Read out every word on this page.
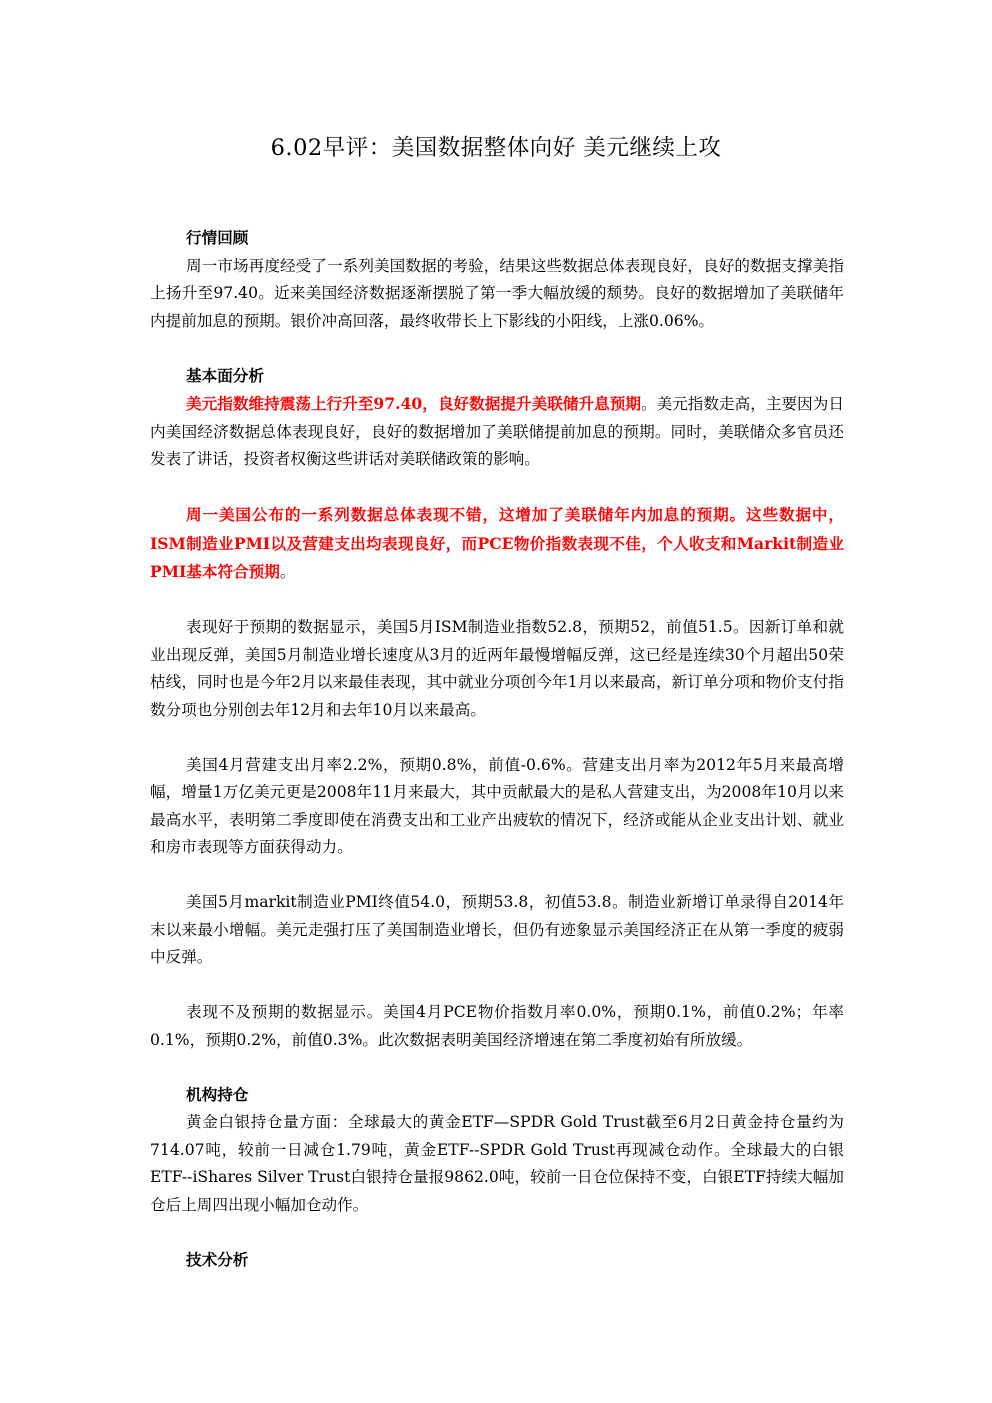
6.02早评：美国数据整体向好 美元继续上攻
行情回顾

周一市场再度经受了一系列美国数据的考验，结果这些数据总体表现良好，良好的数据支撑美指上扬升至97.40。近来美国经济数据逐渐摆脱了第一季大幅放缓的颓势。良好的数据增加了美联储年内提前加息的预期。银价冲高回落，最终收带长上下影线的小阳线，上涨0.06%。

基本面分析

美元指数维持震荡上行升至97.40，良好数据提升美联储升息预期。美元指数走高，主要因为日内美国经济数据总体表现良好，良好的数据增加了美联储提前加息的预期。同时，美联储众多官员还发表了讲话，投资者权衡这些讲话对美联储政策的影响。

周一美国公布的一系列数据总体表现不错，这增加了美联储年内加息的预期。这些数据中，ISM制造业PMI以及营建支出均表现良好，而PCE物价指数表现不佳，个人收支和Markit制造业PMI基本符合预期。

表现好于预期的数据显示，美国5月ISM制造业指数52.8，预期52，前值51.5。因新订单和就业出现反弹，美国5月制造业增长速度从3月的近两年最慢增幅反弹，这已经是连续30个月超出50荣枯线，同时也是今年2月以来最佳表现，其中就业分项创今年1月以来最高，新订单分项和物价支付指数分项也分别创去年12月和去年10月以来最高。

美国4月营建支出月率2.2%，预期0.8%，前值-0.6%。营建支出月率为2012年5月来最高增幅，增量1万亿美元更是2008年11月来最大，其中贡献最大的是私人营建支出，为2008年10月以来最高水平，表明第二季度即使在消费支出和工业产出疲软的情况下，经济或能从企业支出计划、就业和房市表现等方面获得动力。

美国5月markit制造业PMI终值54.0，预期53.8，初值53.8。制造业新增订单录得自2014年末以来最小增幅。美元走强打压了美国制造业增长，但仍有迹象显示美国经济正在从第一季度的疲弱中反弹。

表现不及预期的数据显示。美国4月PCE物价指数月率0.0%，预期0.1%，前值0.2%；年率0.1%，预期0.2%，前值0.3%。此次数据表明美国经济增速在第二季度初始有所放缓。

机构持仓

黄金白银持仓量方面：全球最大的黄金ETF—SPDR Gold Trust截至6月2日黄金持仓量约为714.07吨，较前一日减仓1.79吨，黄金ETF--SPDR Gold Trust再现减仓动作。全球最大的白银ETF--iShares Silver Trust白银持仓量报9862.0吨，较前一日仓位保持不变，白银ETF持续大幅加仓后上周四出现小幅加仓动作。

技术分析
